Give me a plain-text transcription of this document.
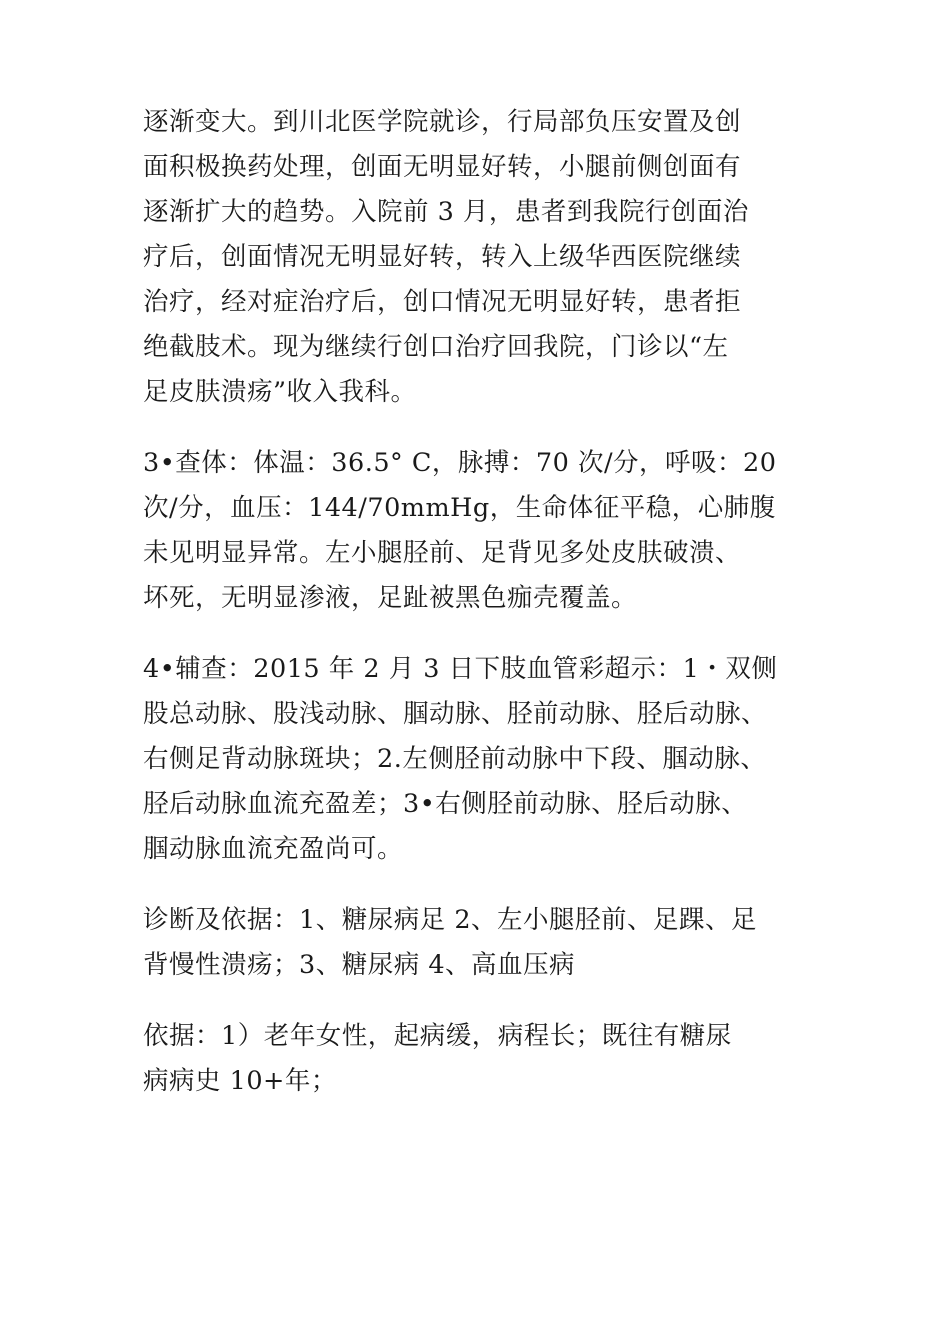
逐渐变大。到川北医学院就诊，行局部负压安置及创
面积极换药处理，创面无明显好转，小腿前侧创面有
逐渐扩大的趋势。入院前 3 月，患者到我院行创面治
疗后，创面情况无明显好转，转入上级华西医院继续
治疗，经对症治疗后，创口情况无明显好转，患者拒
绝截肢术。现为继续行创口治疗回我院，门诊以“左
足皮肤溃疡”收入我科。

3•查体：体温：36.5° C，脉搏：70 次/分，呼吸：20
次/分，血压：144/70mmHg，生命体征平稳，心肺腹
未见明显异常。左小腿胫前、足背见多处皮肤破溃、
坏死，无明显渗液，足趾被黑色痂壳覆盖。

4•辅查：2015 年 2 月 3 日下肢血管彩超示：1・双侧
股总动脉、股浅动脉、腘动脉、胫前动脉、胫后动脉、
右侧足背动脉斑块；2.左侧胫前动脉中下段、腘动脉、
胫后动脉血流充盈差；3•右侧胫前动脉、胫后动脉、
腘动脉血流充盈尚可。

诊断及依据：1、糖尿病足 2、左小腿胫前、足踝、足
背慢性溃疡；3、糖尿病 4、高血压病

依据：1）老年女性，起病缓，病程长；既往有糖尿
病病史 10+年；
